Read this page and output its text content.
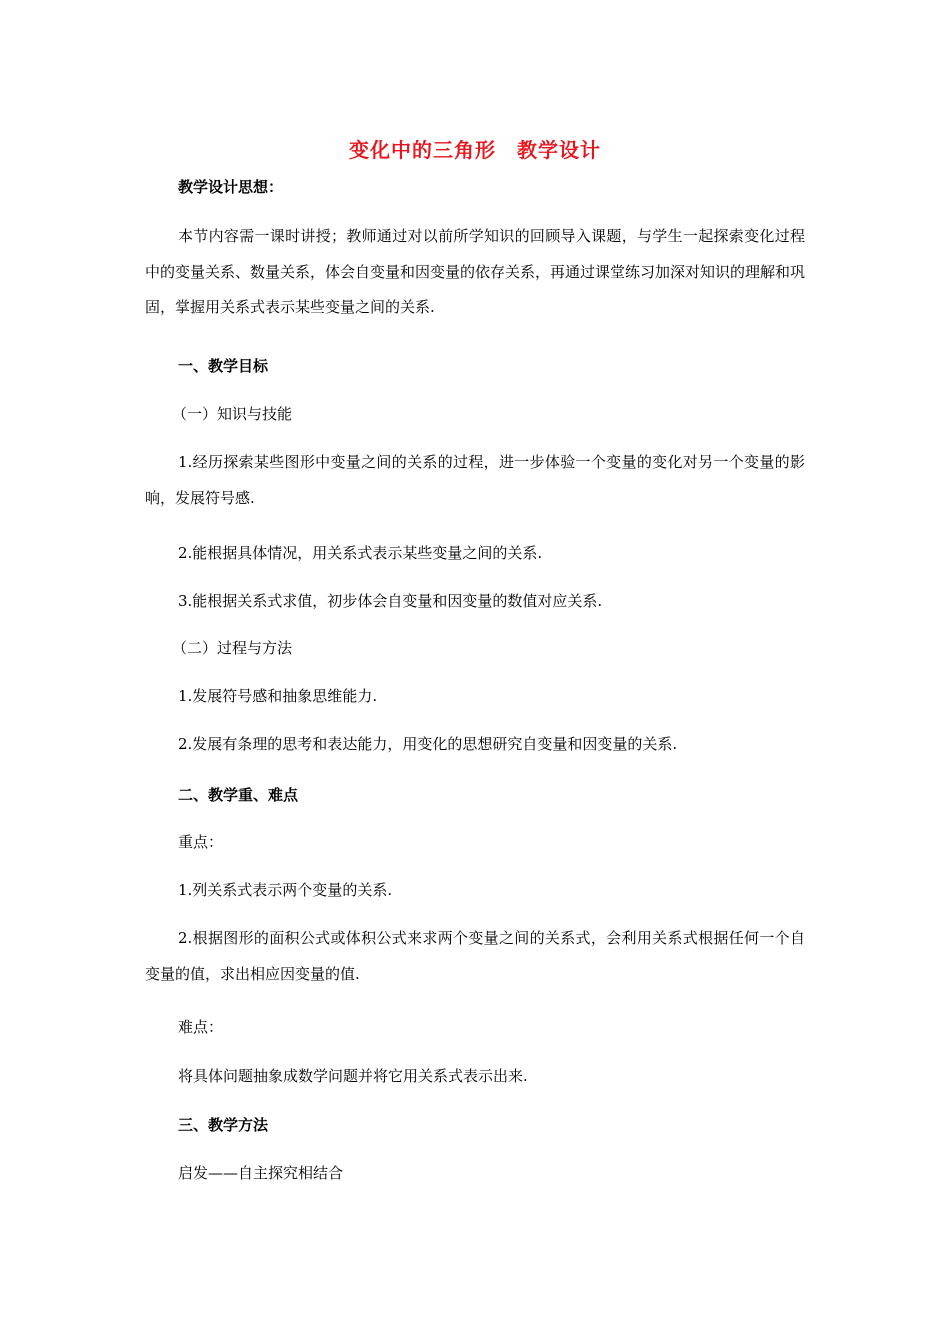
变化中的三角形　教学设计
教学设计思想：
本节内容需一课时讲授；教师通过对以前所学知识的回顾导入课题，与学生一起探索变化过程中的变量关系、数量关系，体会自变量和因变量的依存关系，再通过课堂练习加深对知识的理解和巩固，掌握用关系式表示某些变量之间的关系.
一、教学目标
（一）知识与技能
1.经历探索某些图形中变量之间的关系的过程，进一步体验一个变量的变化对另一个变量的影响，发展符号感.
2.能根据具体情况，用关系式表示某些变量之间的关系.
3.能根据关系式求值，初步体会自变量和因变量的数值对应关系.
（二）过程与方法
1.发展符号感和抽象思维能力.
2.发展有条理的思考和表达能力，用变化的思想研究自变量和因变量的关系.
二、教学重、难点
重点：
1.列关系式表示两个变量的关系.
2.根据图形的面积公式或体积公式来求两个变量之间的关系式，会利用关系式根据任何一个自变量的值，求出相应因变量的值.
难点：
将具体问题抽象成数学问题并将它用关系式表示出来.
三、教学方法
启发——自主探究相结合
